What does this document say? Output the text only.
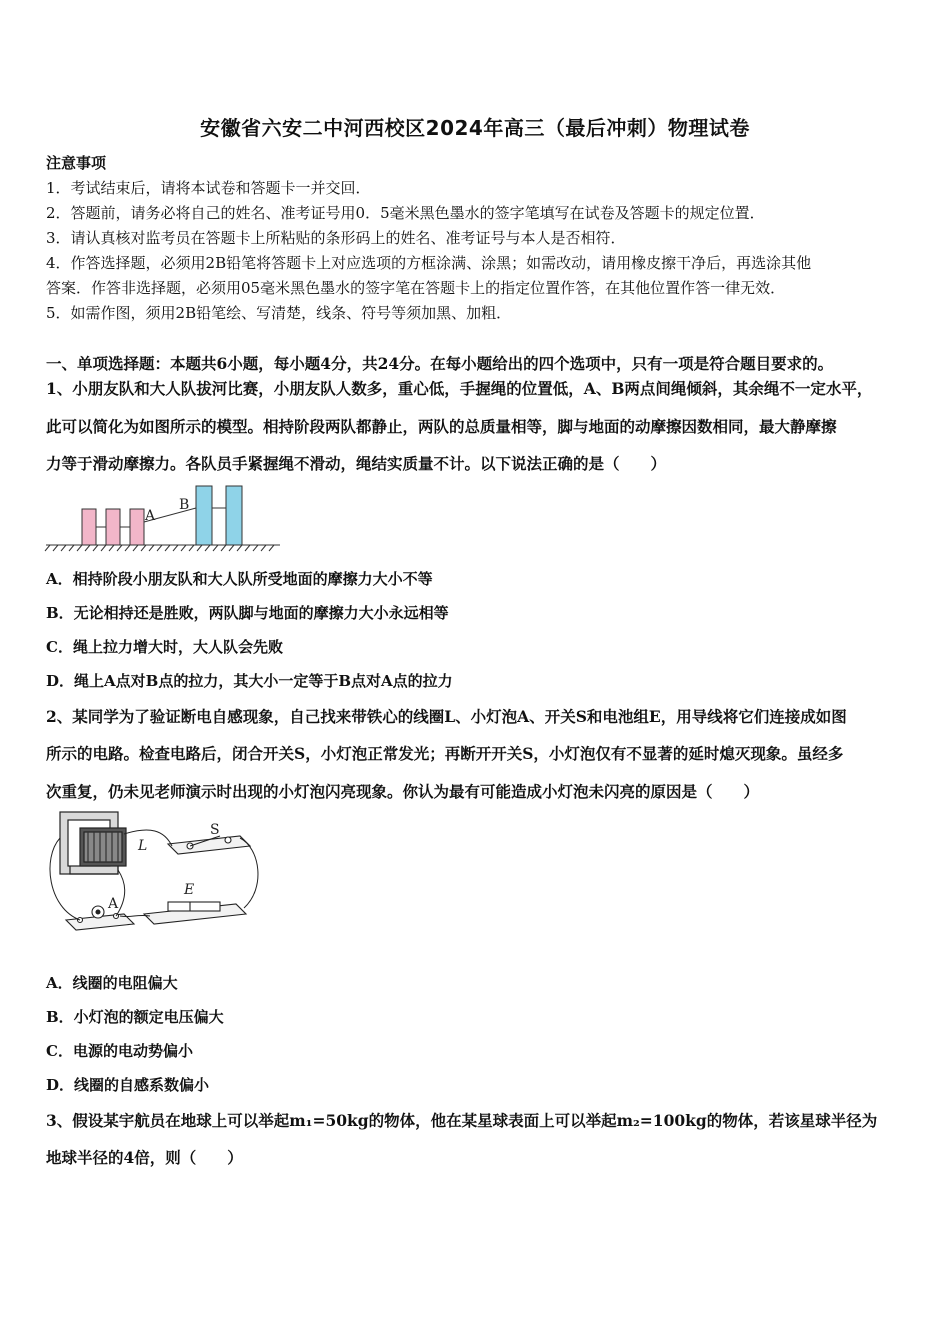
安徽省六安二中河西校区2024年高三（最后冲刺）物理试卷
注意事项
1．考试结束后，请将本试卷和答题卡一并交回．
2．答题前，请务必将自己的姓名、准考证号用0．5毫米黑色墨水的签字笔填写在试卷及答题卡的规定位置．
3．请认真核对监考员在答题卡上所粘贴的条形码上的姓名、准考证号与本人是否相符．
4．作答选择题，必须用2B铅笔将答题卡上对应选项的方框涂满、涂黑；如需改动，请用橡皮擦干净后，再选涂其他
答案．作答非选择题，必须用05毫米黑色墨水的签字笔在答题卡上的指定位置作答，在其他位置作答一律无效．
5．如需作图，须用2B铅笔绘、写清楚，线条、符号等须加黑、加粗．
一、单项选择题：本题共6小题，每小题4分，共24分。在每小题给出的四个选项中，只有一项是符合题目要求的。
1、小朋友队和大人队拔河比赛，小朋友队人数多，重心低，手握绳的位置低，A、B两点间绳倾斜，其余绳不一定水平，
此可以简化为如图所示的模型。相持阶段两队都静止，两队的总质量相等，脚与地面的动摩擦因数相同，最大静摩擦
力等于滑动摩擦力。各队员手紧握绳不滑动，绳结实质量不计。以下说法正确的是（　　）
A
B
A．相持阶段小朋友队和大人队所受地面的摩擦力大小不等
B．无论相持还是胜败，两队脚与地面的摩擦力大小永远相等
C．绳上拉力增大时，大人队会先败
D．绳上A点对B点的拉力，其大小一定等于B点对A点的拉力
2、某同学为了验证断电自感现象，自己找来带铁心的线圈L、小灯泡A、开关S和电池组E，用导线将它们连接成如图
所示的电路。检查电路后，闭合开关S，小灯泡正常发光；再断开开关S，小灯泡仅有不显著的延时熄灭现象。虽经多
次重复，仍未见老师演示时出现的小灯泡闪亮现象。你认为最有可能造成小灯泡未闪亮的原因是（　　）
S
L
E
A
A．线圈的电阻偏大
B．小灯泡的额定电压偏大
C．电源的电动势偏小
D．线圈的自感系数偏小
3、假设某宇航员在地球上可以举起m₁=50kg的物体，他在某星球表面上可以举起m₂=100kg的物体，若该星球半径为
地球半径的4倍，则（　　）
